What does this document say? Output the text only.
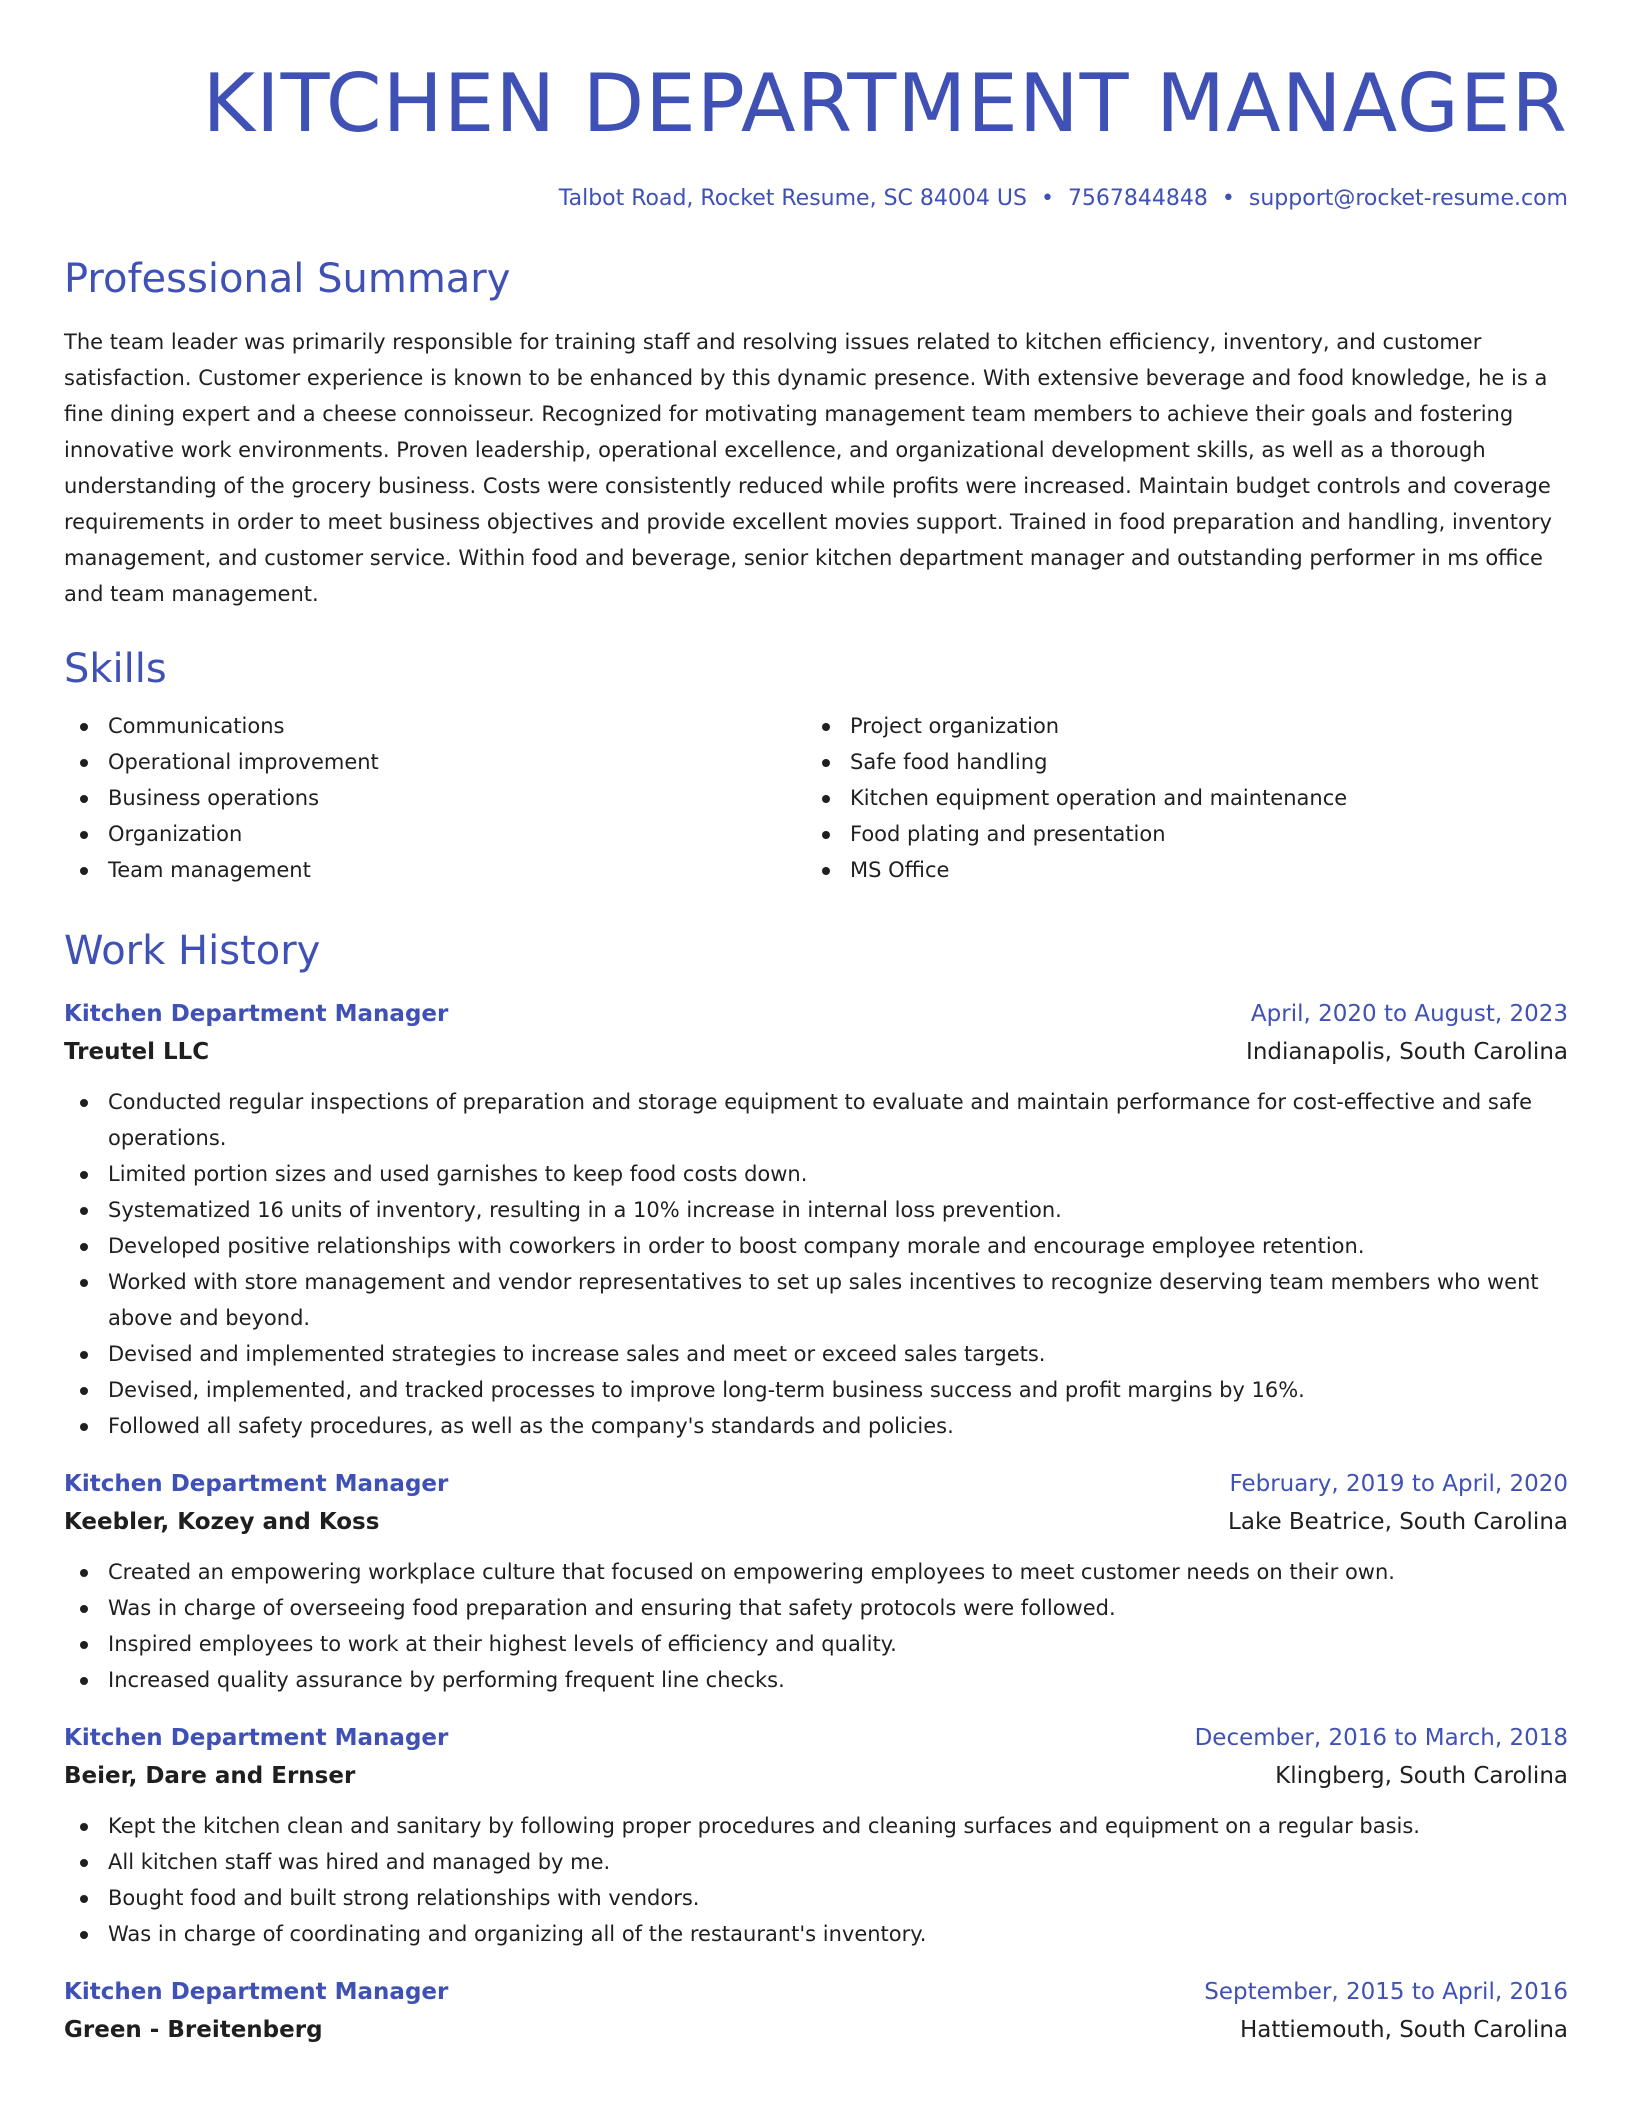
KITCHEN DEPARTMENT MANAGER
Talbot Road, Rocket Resume, SC 84004 US • 7567844848 • support@rocket-resume.com
Professional Summary

The team leader was primarily responsible for training staff and resolving issues related to kitchen efficiency, inventory, and customer satisfaction. Customer experience is known to be enhanced by this dynamic presence. With extensive beverage and food knowledge, he is a fine dining expert and a cheese connoisseur. Recognized for motivating management team members to achieve their goals and fostering innovative work environments. Proven leadership, operational excellence, and organizational development skills, as well as a thorough understanding of the grocery business. Costs were consistently reduced while profits were increased. Maintain budget controls and coverage requirements in order to meet business objectives and provide excellent movies support. Trained in food preparation and handling, inventory management, and customer service. Within food and beverage, senior kitchen department manager and outstanding performer in ms office and team management.

Skills
Communications
Operational improvement
Business operations
Organization
Team management
Project organization
Safe food handling
Kitchen equipment operation and maintenance
Food plating and presentation
MS Office
Work History
Kitchen Department Manager	April, 2020 to August, 2023
Treutel LLC	Indianapolis, South Carolina
Conducted regular inspections of preparation and storage equipment to evaluate and maintain performance for cost-effective and safe operations.
Limited portion sizes and used garnishes to keep food costs down.
Systematized 16 units of inventory, resulting in a 10% increase in internal loss prevention.
Developed positive relationships with coworkers in order to boost company morale and encourage employee retention.
Worked with store management and vendor representatives to set up sales incentives to recognize deserving team members who went above and beyond.
Devised and implemented strategies to increase sales and meet or exceed sales targets.
Devised, implemented, and tracked processes to improve long-term business success and profit margins by 16%.
Followed all safety procedures, as well as the company's standards and policies.
Kitchen Department Manager	February, 2019 to April, 2020
Keebler, Kozey and Koss	Lake Beatrice, South Carolina
Created an empowering workplace culture that focused on empowering employees to meet customer needs on their own.
Was in charge of overseeing food preparation and ensuring that safety protocols were followed.
Inspired employees to work at their highest levels of efficiency and quality.
Increased quality assurance by performing frequent line checks.
Kitchen Department Manager	December, 2016 to March, 2018
Beier, Dare and Ernser	Klingberg, South Carolina
Kept the kitchen clean and sanitary by following proper procedures and cleaning surfaces and equipment on a regular basis.
All kitchen staff was hired and managed by me.
Bought food and built strong relationships with vendors.
Was in charge of coordinating and organizing all of the restaurant's inventory.
Kitchen Department Manager	September, 2015 to April, 2016
Green - Breitenberg	Hattiemouth, South Carolina
